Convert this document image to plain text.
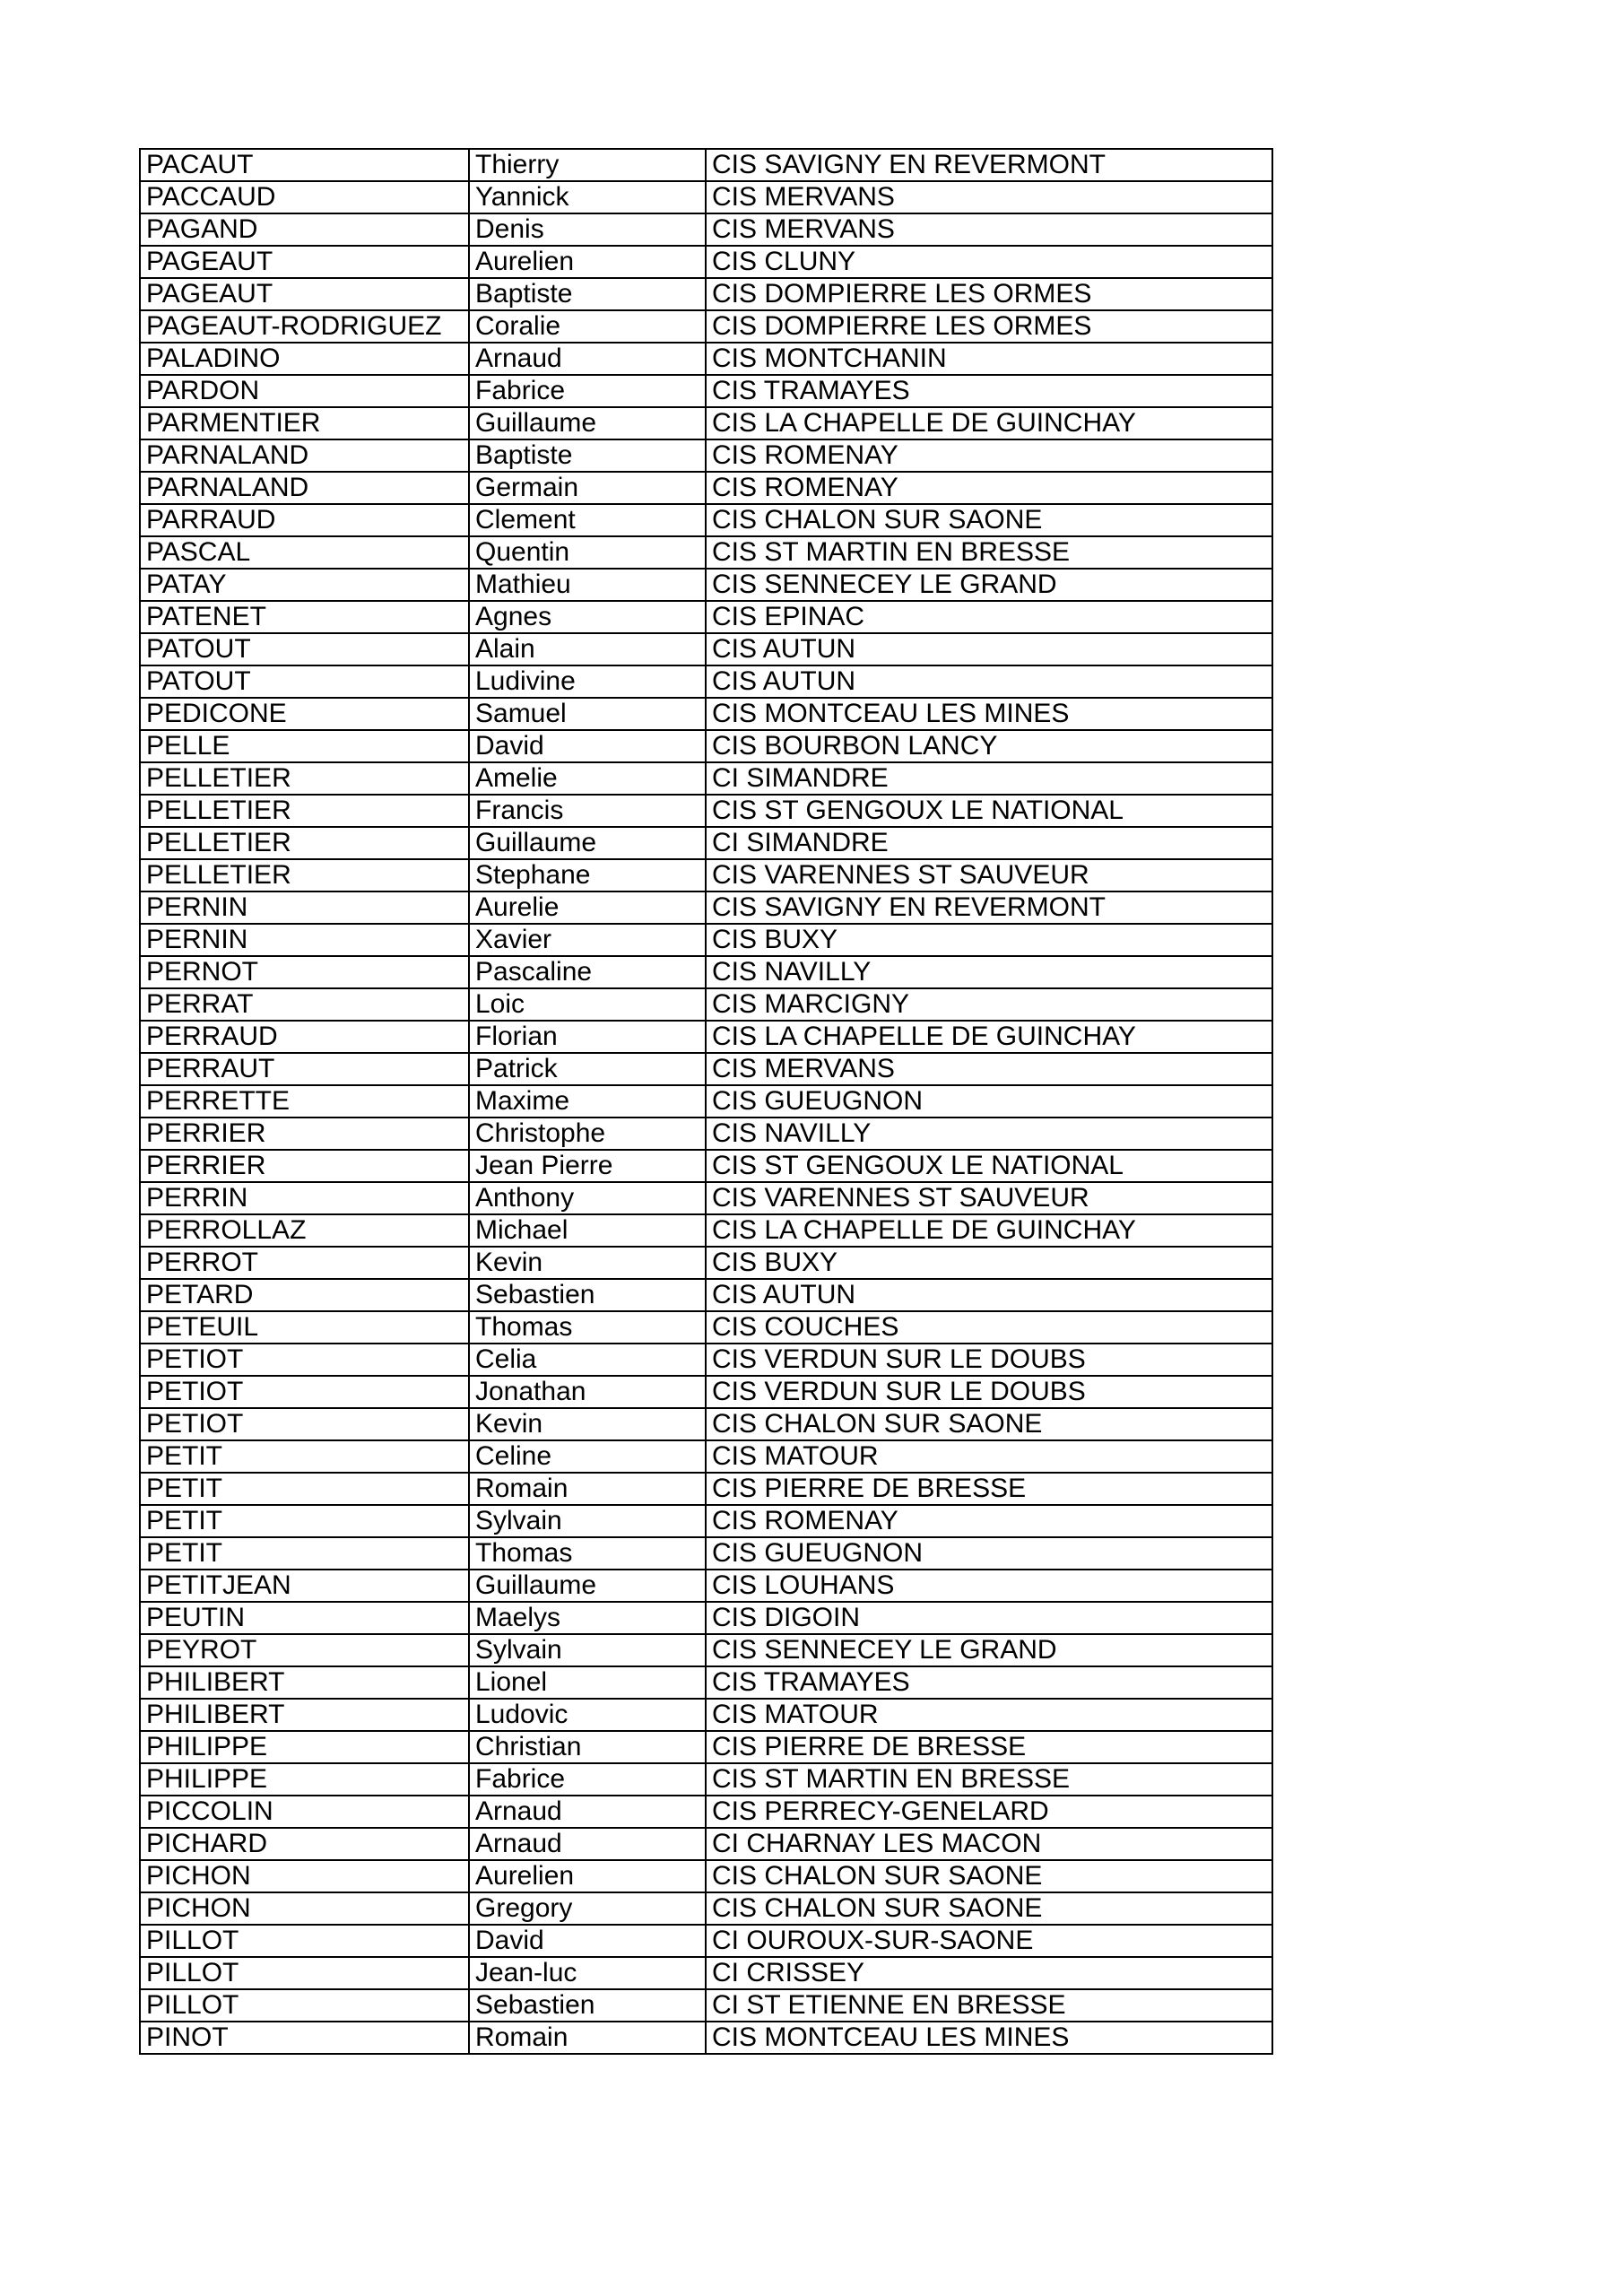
PACAUT	Thierry	CIS SAVIGNY EN REVERMONT
PACCAUD	Yannick	CIS MERVANS
PAGAND	Denis	CIS MERVANS
PAGEAUT	Aurelien	CIS CLUNY
PAGEAUT	Baptiste	CIS DOMPIERRE LES ORMES
PAGEAUT-RODRIGUEZ	Coralie	CIS DOMPIERRE LES ORMES
PALADINO	Arnaud	CIS MONTCHANIN
PARDON	Fabrice	CIS TRAMAYES
PARMENTIER	Guillaume	CIS LA CHAPELLE DE GUINCHAY
PARNALAND	Baptiste	CIS ROMENAY
PARNALAND	Germain	CIS ROMENAY
PARRAUD	Clement	CIS CHALON SUR SAONE
PASCAL	Quentin	CIS ST MARTIN EN BRESSE
PATAY	Mathieu	CIS SENNECEY LE GRAND
PATENET	Agnes	CIS EPINAC
PATOUT	Alain	CIS AUTUN
PATOUT	Ludivine	CIS AUTUN
PEDICONE	Samuel	CIS MONTCEAU LES MINES
PELLE	David	CIS BOURBON LANCY
PELLETIER	Amelie	CI SIMANDRE
PELLETIER	Francis	CIS ST GENGOUX LE NATIONAL
PELLETIER	Guillaume	CI SIMANDRE
PELLETIER	Stephane	CIS VARENNES ST SAUVEUR
PERNIN	Aurelie	CIS SAVIGNY EN REVERMONT
PERNIN	Xavier	CIS BUXY
PERNOT	Pascaline	CIS NAVILLY
PERRAT	Loic	CIS MARCIGNY
PERRAUD	Florian	CIS LA CHAPELLE DE GUINCHAY
PERRAUT	Patrick	CIS MERVANS
PERRETTE	Maxime	CIS GUEUGNON
PERRIER	Christophe	CIS NAVILLY
PERRIER	Jean Pierre	CIS ST GENGOUX LE NATIONAL
PERRIN	Anthony	CIS VARENNES ST SAUVEUR
PERROLLAZ	Michael	CIS LA CHAPELLE DE GUINCHAY
PERROT	Kevin	CIS BUXY
PETARD	Sebastien	CIS AUTUN
PETEUIL	Thomas	CIS COUCHES
PETIOT	Celia	CIS VERDUN SUR LE DOUBS
PETIOT	Jonathan	CIS VERDUN SUR LE DOUBS
PETIOT	Kevin	CIS CHALON SUR SAONE
PETIT	Celine	CIS MATOUR
PETIT	Romain	CIS PIERRE DE BRESSE
PETIT	Sylvain	CIS ROMENAY
PETIT	Thomas	CIS GUEUGNON
PETITJEAN	Guillaume	CIS LOUHANS
PEUTIN	Maelys	CIS DIGOIN
PEYROT	Sylvain	CIS SENNECEY LE GRAND
PHILIBERT	Lionel	CIS TRAMAYES
PHILIBERT	Ludovic	CIS MATOUR
PHILIPPE	Christian	CIS PIERRE DE BRESSE
PHILIPPE	Fabrice	CIS ST MARTIN EN BRESSE
PICCOLIN	Arnaud	CIS PERRECY-GENELARD
PICHARD	Arnaud	CI CHARNAY LES MACON
PICHON	Aurelien	CIS CHALON SUR SAONE
PICHON	Gregory	CIS CHALON SUR SAONE
PILLOT	David	CI OUROUX-SUR-SAONE
PILLOT	Jean-luc	CI CRISSEY
PILLOT	Sebastien	CI ST ETIENNE EN BRESSE
PINOT	Romain	CIS MONTCEAU LES MINES
